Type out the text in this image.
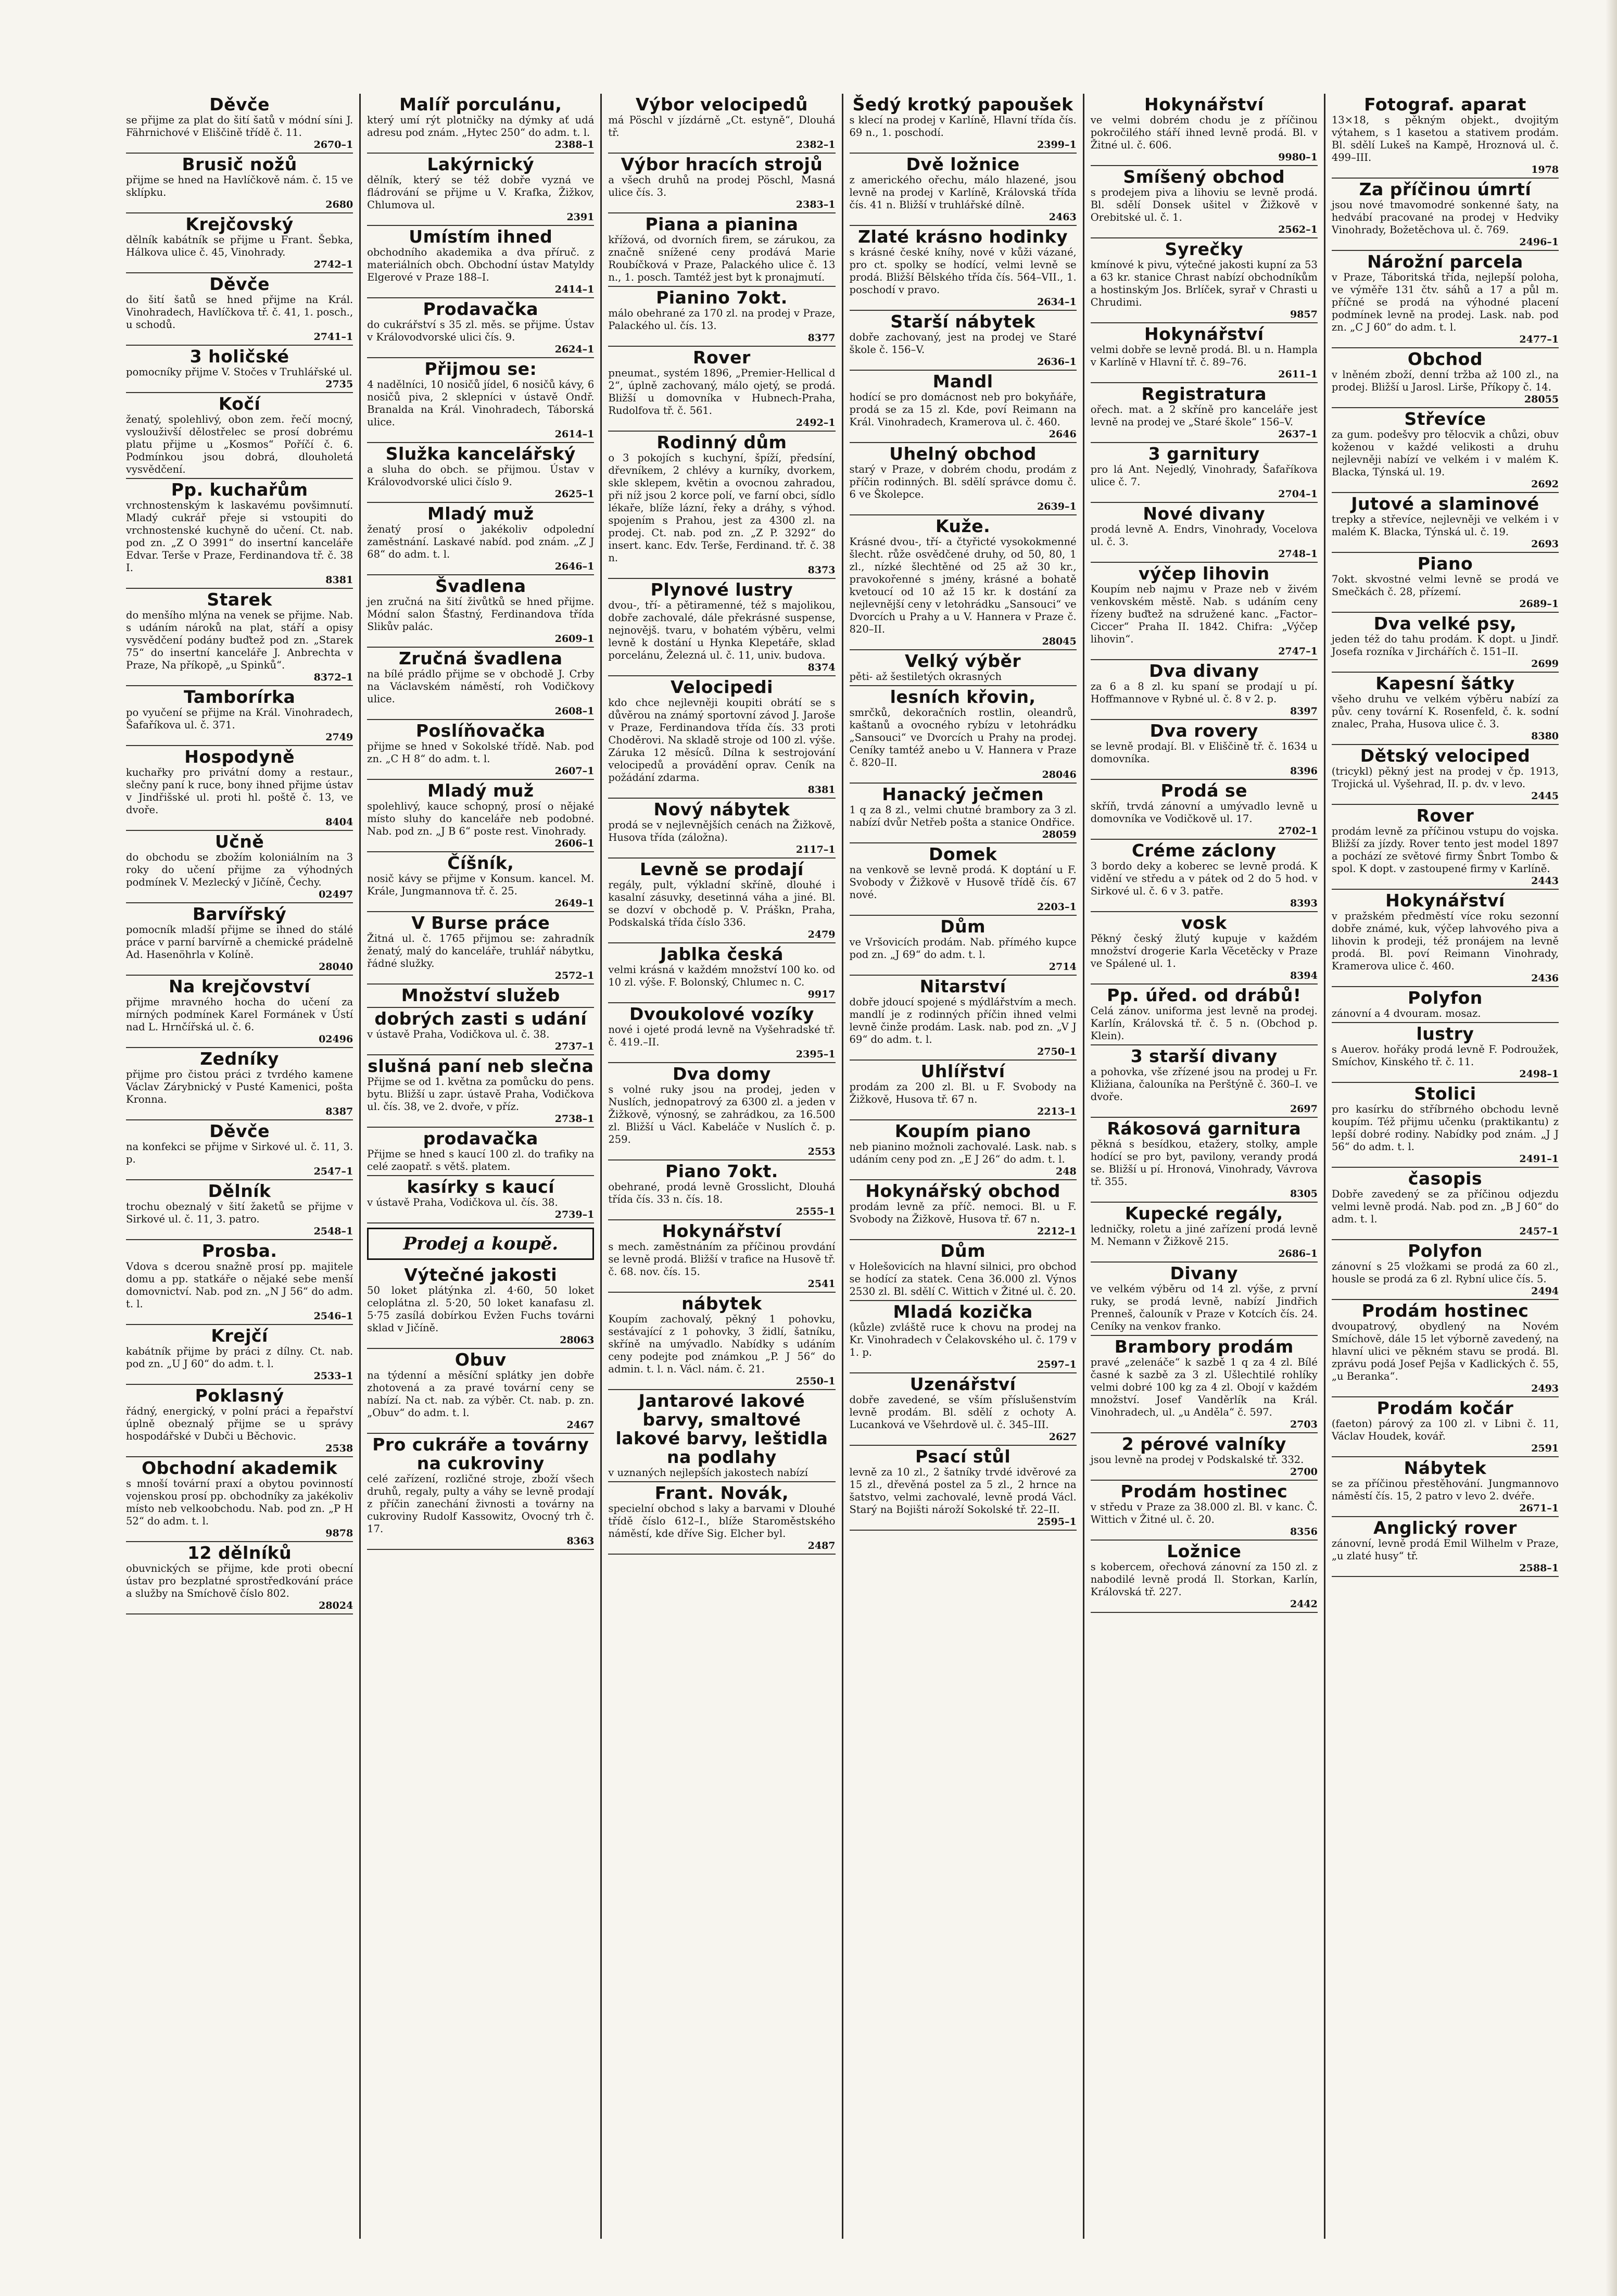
Děvče
se přijme za plat do šití šatů v módní síni J. Fährnichové v Eliščině třídě č. 11.
2670–1
Brusič nožů
přijme se hned na Havlíčkově nám. č. 15 ve sklípku.
2680
Krejčovský
dělník kabátník se přijme u Frant. Šebka, Hálkova ulice č. 45, Vinohrady.
2742–1
Děvče
do šití šatů se hned přijme na Král. Vinohradech, Havlíčkova tř. č. 41, 1. posch., u schodů.
2741–1
3 holičské
pomocníky přijme V. Stočes v Truhlářské ul.
2735
Kočí
ženatý, spolehlivý, obon zem. řečí mocný, vyslouživší dělostřelec se prosí dobrému platu přijme u „Kosmos“ Poříčí č. 6. Podmínkou jsou dobrá, dlouholetá vysvědčení.
Pp. kuchařům
vrchnostenským k laskavému povšimnutí. Mladý cukrář přeje si vstoupiti do vrchnostenské kuchyně do učení. Ct. nab. pod zn. „Z O 3991“ do insertní kanceláře Edvar. Terše v Praze, Ferdinandova tř. č. 38 I.
8381
Starek
do menšího mlýna na venek se přijme. Nab. s udáním nároků na plat, stáří a opisy vysvědčení podány buďtež pod zn. „Starek 75“ do insertní kanceláře J. Anbrechta v Praze, Na příkopě, „u Spinků“.
8372–1
Tamborírka
po vyučení se přijme na Král. Vinohradech, Šafaříkova ul. č. 371.
2749
Hospodyně
kuchařky pro privátní domy a restaur., slečny paní k ruce, bony ihned přijme ústav v Jindřišské ul. proti hl. poště č. 13, ve dvoře.
8404
Učně
do obchodu se zbožím koloniálním na 3 roky do učení přijme za výhodných podmínek V. Mezlecký v Jičíně, Čechy.
02497
Barvířský
pomocník mladší přijme se ihned do stálé práce v parní barvírně a chemické prádelně Ad. Hasenöhrla v Kolíně.
28040
Na krejčovství
přijme mravného hocha do učení za mírných podmínek Karel Formánek v Ústí nad L. Hrnčířská ul. č. 6.
02496
Zedníky
přijme pro čistou práci z tvrdého kamene Václav Zárybnický v Pusté Kamenici, pošta Kronna.
8387
Děvče
na konfekci se přijme v Sirkové ul. č. 11, 3. p.
2547–1
Dělník
trochu obeznalý v šití žaketů se přijme v Sirkové ul. č. 11, 3. patro.
2548–1
Prosba.
Vdova s dcerou snažně prosí pp. majitele domu a pp. statkáře o nějaké sebe menší domovnictví. Nab. pod zn. „N J 56“ do adm. t. l.
2546–1
Krejčí
kabátník přijme by práci z dílny. Ct. nab. pod zn. „U J 60“ do adm. t. l.
2533–1
Poklasný
řádný, energický, v polní práci a řepařství úplně obeznalý přijme se u správy hospodářské v Dubči u Běchovic.
2538
Obchodní akademik
s mnoší tovární praxí a obytou povinností vojenskou prosí pp. obchodníky za jakékoliv místo neb velkoobchodu. Nab. pod zn. „P H 52“ do adm. t. l.
9878
12 dělníků
obuvnických se přijme, kde proti obecní ústav pro bezplatné sprostředkování práce a služby na Smíchově číslo 802.
28024
Malíř porculánu,
který umí rýt plotničky na dýmky ať udá adresu pod znám. „Hytec 250“ do adm. t. l.
2388–1
Lakýrnický
dělník, který se též dobře vyzná ve fládrování se přijme u V. Krafka, Žižkov, Chlumova ul.
2391
Umístím ihned
obchodního akademika a dva příruč. z materiálních obch. Obchodní ústav Matyldy Elgerové v Praze 188–I.
2414–1
Prodavačka
do cukrářství s 35 zl. měs. se přijme. Ústav v Královodvorské ulici čís. 9.
2624–1
Přijmou se:
4 nadělníci, 10 nosičů jídel, 6 nosičů kávy, 6 nosičů piva, 2 sklepníci v ústavě Ondř. Branalda na Král. Vinohradech, Táborská ulice.
2614–1
Služka kancelářský
a sluha do obch. se přijmou. Ústav v Královodvorské ulici číslo 9.
2625–1
Mladý muž
ženatý prosí o jakékoliv odpolední zaměstnání. Laskavé nabíd. pod znám. „Z J 68“ do adm. t. l.
2646–1
Švadlena
jen zručná na šití živůtků se hned přijme. Módní salon Šťastný, Ferdinandova třída Slikův palác.
2609–1
Zručná švadlena
na bílé prádlo přijme se v obchodě J. Crby na Václavském náměstí, roh Vodičkovy ulice.
2608–1
Poslíňovačka
přijme se hned v Sokolské třídě. Nab. pod zn. „C H 8“ do adm. t. l.
2607–1
Mladý muž
spolehlivý, kauce schopný, prosí o nějaké místo sluhy do kanceláře neb podobné. Nab. pod zn. „J B 6“ poste rest. Vinohrady.
2606–1
Číšník,
nosič kávy se přijme v Konsum. kancel. M. Krále, Jungmannova tř. č. 25.
2649–1
V Burse práce
Žitná ul. č. 1765 přijmou se: zahradník ženatý, malý do kanceláře, truhlář nábytku, řádné služky.
2572–1
Množství služeb
dobrých zasti s udání
v ústavě Praha, Vodičkova ul. č. 38.
2737–1
slušná paní neb slečna
Přijme se od 1. května za pomůcku do pens. bytu. Bližší u zapr. ústavě Praha, Vodičkova ul. čís. 38, ve 2. dvoře, v příz.
2738–1
prodavačka
Přijme se hned s kaucí 100 zl. do trafiky na celé zaopatř. s větš. platem.
kasírky s kaucí
v ústavě Praha, Vodičkova ul. čís. 38.
2739–1
Prodej a koupě.
Výtečné jakosti
50 loket plátýnka zl. 4·60, 50 loket celoplátna zl. 5·20, 50 loket kanafasu zl. 5·75 zasílá dobírkou Evžen Fuchs továrni sklad v Jičíně.
28063
Obuv
na týdenní a měsíční splátky jen dobře zhotovená a za pravé tovární ceny se nabízí. Na ct. nab. za výběr. Ct. nab. p. zn. „Obuv“ do adm. t. l.
2467
Pro cukráře a továrny na cukroviny
celé zařízení, rozličné stroje, zboží všech druhů, regaly, pulty a váhy se levně prodají z příčin zanechání živnosti a továrny na cukroviny Rudolf Kassowitz, Ovocný trh č. 17.
8363
Výbor velocipedů
má Pöschl v jízdárně „Ct. estyně“, Dlouhá tř.
2382–1
Výbor hracích strojů
a všech druhů na prodej Pöschl, Masná ulice čís. 3.
2383–1
Piana a pianina
křížová, od dvorních firem, se zárukou, za značně snížené ceny prodává Marie Roubíčková v Praze, Palackého ulice č. 13 n., 1. posch. Tamtéž jest byt k pronajmutí.
Pianino 7okt.
málo obehrané za 170 zl. na prodej v Praze, Palackého ul. čís. 13.
8377
Rover
pneumat., systém 1896, „Premier-Hellical d 2“, úplně zachovaný, málo ojetý, se prodá. Bližší u domovníka v Hubnech-Praha, Rudolfova tř. č. 561.
2492–1
Rodinný dům
o 3 pokojích s kuchyní, špíží, předsíní, dřevníkem, 2 chlévy a kurníky, dvorkem, skle sklepem, květin a ovocnou zahradou, při níž jsou 2 korce polí, ve farní obci, sídlo lékaře, blíže lázní, řeky a dráhy, s výhod. spojením s Prahou, jest za 4300 zl. na prodej. Ct. nab. pod zn. „Z P. 3292“ do insert. kanc. Edv. Terše, Ferdinand. tř. č. 38 n.
8373
Plynové lustry
dvou-, tří- a pětiramenné, též s majolikou, dobře zachovalé, dále překrásné suspense, nejnovějš. tvaru, v bohatém výběru, velmi levně k dostání u Hynka Klepetáře, sklad porcelánu, Železná ul. č. 11, univ. budova.
8374
Velocipedi
kdo chce nejlevněji koupiti obrátí se s důvěrou na známý sportovní závod J. Jaroše v Praze, Ferdinandova třída čís. 33 proti Choděrovi. Na skladě stroje od 100 zl. výše. Záruka 12 měsíců. Dílna k sestrojování velocipedů a provádění oprav. Ceník na požádání zdarma.
8381
Nový nábytek
prodá se v nejlevnějších cenách na Žižkově, Husova třída (záložna).
2117–1
Levně se prodají
regály, pult, výkladní skříně, dlouhé i kasalní zásuvky, desetinná váha a jiné. Bl. se dozví v obchodě p. V. Práškn, Praha, Podskalská třída číslo 336.
2479
Jablka česká
velmi krásná v každém množství 100 ko. od 10 zl. výše. F. Bolonský, Chlumec n. C.
9917
Dvoukolové vozíky
nové i ojeté prodá levně na Vyšehradské tř. č. 419.–II.
2395–1
Dva domy
s volné ruky jsou na prodej, jeden v Nuslích, jednopatrový za 6300 zl. a jeden v Žižkově, výnosný, se zahrádkou, za 16.500 zl. Bližší u Václ. Kabeláče v Nuslích č. p. 259.
2553
Piano 7okt.
obehrané, prodá levně Grosslicht, Dlouhá třída čís. 33 n. čís. 18.
2555–1
Hokynářství
s mech. zaměstnáním za příčinou provdání se levně prodá. Bližší v trafice na Husově tř. č. 68. nov. čís. 15.
2541
nábytek
Koupím zachovalý, pěkný 1 pohovku, sestávající z 1 pohovky, 3 židlí, šatníku, skříně na umývadlo. Nabídky s udáním ceny podejte pod známkou „P. J 56“ do admin. t. l. n. Václ. nám. č. 21.
2550–1
Jantarové lakové barvy, smaltové lakové barvy, leštidla na podlahy
v uznaných nejlepších jakostech nabízí
Frant. Novák,
specielní obchod s laky a barvami v Dlouhé třídě číslo 612–I., blíže Staroměstského náměstí, kde dříve Sig. Elcher byl.
2487
Šedý krotký papoušek
s klecí na prodej v Karlíně, Hlavní třída čís. 69 n., 1. poschodí.
2399–1
Dvě ložnice
z amerického ořechu, málo hlazené, jsou levně na prodej v Karlíně, Královská třída čís. 41 n. Bližší v truhlářské dílně.
2463
Zlaté krásno hodinky
s krásné české kníhy, nové v kůži vázané, pro ct. spolky se hodící, velmi levně se prodá. Bližší Bělského třída čís. 564–VII., 1. poschodí v pravo.
2634–1
Starší nábytek
dobře zachovaný, jest na prodej ve Staré škole č. 156–V.
2636–1
Mandl
hodící se pro domácnost neb pro bokyňáře, prodá se za 15 zl. Kde, poví Reimann na Král. Vinohradech, Kramerova ul. č. 460.
2646
Uhelný obchod
starý v Praze, v dobrém chodu, prodám z příčin rodinných. Bl. sdělí správce domu č. 6 ve Školepce.
2639–1
Kuže.
Krásné dvou-, tří- a čtyřicté vysokokmenné šlecht. růže osvědčené druhy, od 50, 80, 1 zl., nízké šlechtěné od 25 až 30 kr., pravokořenné s jmény, krásné a bohatě kvetoucí od 10 až 15 kr. k dostání za nejlevnější ceny v letohrádku „Sansouci“ ve Dvorcích u Prahy a u V. Hannera v Praze č. 820–II.
28045
Velký výběr
pěti- až šestiletých okrasných
lesních křovin,
smrčků, dekoračních rostlin, oleandrů, kaštanů a ovocného rybízu v letohrádku „Sansouci“ ve Dvorcích u Prahy na prodej. Ceníky tamtéž anebo u V. Hannera v Praze č. 820–II.
28046
Hanacký ječmen
1 q za 8 zl., velmi chutné brambory za 3 zl. nabízí dvůr Netřeb pošta a stanice Ondřice.
28059
Domek
na venkově se levně prodá. K doptání u F. Svobody v Žižkově v Husově třídě čís. 67 nové.
2203–1
Dům
ve Vršovicích prodám. Nab. přímého kupce pod zn. „J 69“ do adm. t. l.
2714
Nitarství
dobře jdoucí spojené s mýdlářstvím a mech. mandlí je z rodinných příčin ihned velmi levně činže prodám. Lask. nab. pod zn. „V J 69“ do adm. t. l.
2750–1
Uhlířství
prodám za 200 zl. Bl. u F. Svobody na Žižkově, Husova tř. 67 n.
2213–1
Koupím piano
neb pianino možnoli zachovalé. Lask. nab. s udáním ceny pod zn. „E J 26“ do adm. t. l.
248
Hokynářský obchod
prodám levně za příč. nemoci. Bl. u F. Svobody na Žižkově, Husova tř. 67 n.
2212–1
Dům
v Holešovicích na hlavní silnici, pro obchod se hodící za statek. Cena 36.000 zl. Výnos 2530 zl. Bl. sdělí C. Wittich v Žitné ul. č. 20.
Mladá kozička
(kůzle) zvláště ruce k chovu na prodej na Kr. Vinohradech v Čelakovského ul. č. 179 v 1. p.
2597–1
Uzenářství
dobře zavedené, se vším příslušenstvím levně prodám. Bl. sdělí z ochoty A. Lucanková ve Všehrdově ul. č. 345–III.
2627
Psací stůl
levně za 10 zl., 2 šatníky trvdé idvěrové za 15 zl., dřevěná postel za 5 zl., 2 hrnce na šatstvo, velmi zachovalé, levně prodá Václ. Starý na Bojišti nároží Sokolské tř. 22–II.
2595–1
Hokynářství
ve velmi dobrém chodu je z příčinou pokročilého stáří ihned levně prodá. Bl. v Žitné ul. č. 606.
9980–1
Smíšený obchod
s prodejem piva a lihoviu se levně prodá. Bl. sdělí Donsek ušitel v Žižkově v Orebitské ul. č. 1.
2562–1
Syrečky
kmínové k pivu, výtečné jakosti kupní za 53 a 63 kr. stanice Chrast nabízí obchodníkům a hostinským Jos. Brlíček, syrař v Chrasti u Chrudimi.
9857
Hokynářství
velmi dobře se levně prodá. Bl. u n. Hampla v Karlíně v Hlavní tř. č. 89–76.
2611–1
Registratura
ořech. mat. a 2 skříně pro kanceláře jest levně na prodej ve „Staré škole“ 156–V.
2637–1
3 garnitury
pro lá Ant. Nejedlý, Vinohrady, Šafaříkova ulice č. 7.
2704–1
Nové divany
prodá levně A. Endrs, Vinohrady, Vocelova ul. č. 3.
2748–1
výčep lihovin
Koupím neb najmu v Praze neb v živém venkovském městě. Nab. s udáním ceny řízeny buďtež na sdružené kanc. „Factor–Ciccer“ Praha II. 1842. Chifra: „Výčep lihovin“.
2747–1
Dva divany
za 6 a 8 zl. ku spaní se prodají u pí. Hoffmannove v Rybné ul. č. 8 v 2. p.
8397
Dva rovery
se levně prodají. Bl. v Eliščině tř. č. 1634 u domovníka.
8396
Prodá se
skříň, trvdá zánovní a umývadlo levně u domovníka ve Vodičkově ul. 17.
2702–1
Créme záclony
3 bordo deky a koberec se levně prodá. K vidění ve středu a v pátek od 2 do 5 hod. v Sirkové ul. č. 6 v 3. patře.
8393
vosk
Pěkný český žlutý kupuje v každém množství drogerie Karla Věcetěcky v Praze ve Spálené ul. 1.
8394
Pp. úřed. od drábů!
Celá zánov. uniforma jest levně na prodej. Karlín, Královská tř. č. 5 n. (Obchod p. Klein).
3 starší divany
a pohovka, vše zřízené jsou na prodej u Fr. Kližiana, čalouníka na Perštýně č. 360–I. ve dvoře.
2697
Rákosová garnitura
pěkná s besídkou, etažery, stolky, ample hodící se pro byt, pavilony, verandy prodá se. Bližší u pí. Hronová, Vinohrady, Vávrova tř. 355.
8305
Kupecké regály,
ledničky, roletu a jiné zařízení prodá levně M. Nemann v Žižkově 215.
2686–1
Divany
ve velkém výběru od 14 zl. výše, z první ruky, se prodá levně, nabízí Jindřich Prenneš, čalouník v Praze v Kotcích čís. 24. Ceníky na venkov franko.
Brambory prodám
pravé „zelenáče“ k sazbě 1 q za 4 zl. Bílé časné k sazbě za 3 zl. Ušlechtilé rohlíky velmi dobré 100 kg za 4 zl. Obojí v každém množství. Josef Vanděrlík na Král. Vinohradech, ul. „u Anděla“ č. 597.
2703
2 pérové valníky
jsou levně na prodej v Podskalské tř. 332.
2700
Prodám hostinec
v středu v Praze za 38.000 zl. Bl. v kanc. Č. Wittich v Žitné ul. č. 20.
8356
Ložnice
s kobercem, ořechová zánovní za 150 zl. z nabodilé levně prodá Il. Storkan, Karlín, Královská tř. 227.
2442
Fotograf. aparat
13×18, s pěkným objekt., dvojitým výtahem, s 1 kasetou a stativem prodám. Bl. sdělí Lukeš na Kampě, Hroznová ul. č. 499–III.
1978
Za příčinou úmrtí
jsou nové tmavomodré sonkenné šaty, na hedvábí pracované na prodej v Hedviky Vinohrady, Božetěchova ul. č. 769.
2496–1
Nárožní parcela
v Praze, Táboritská třída, nejlepší poloha, ve výměře 131 čtv. sáhů a 17 a půl m. příčné se prodá na výhodné placení podmínek levně na prodej. Lask. nab. pod zn. „C J 60“ do adm. t. l.
2477–1
Obchod
v lněném zboží, denní tržba až 100 zl., na prodej. Bližší u Jarosl. Lirše, Příkopy č. 14.
28055
Střevíce
za gum. podešvy pro tělocvik a chůzi, obuv koženou v každé velikosti a druhu nejlevněji nabízí ve velkém i v malém K. Blacka, Týnská ul. 19.
2692
Jutové a slaminové
trepky a střevíce, nejlevněji ve velkém i v malém K. Blacka, Týnská ul. č. 19.
2693
Piano
7okt. skvostné velmi levně se prodá ve Smečkách č. 28, přízemí.
2689–1
Dva velké psy,
jeden též do tahu prodám. K dopt. u Jindř. Josefa rozníka v Jirchářích č. 151–II.
2699
Kapesní šátky
všeho druhu ve velkém výběru nabízí za pův. ceny tovární K. Rosenfeld, č. k. sodní znalec, Praha, Husova ulice č. 3.
8380
Dětský velociped
(tricykl) pěkný jest na prodej v čp. 1913, Trojická ul. Vyšehrad, II. p. dv. v levo.
2445
Rover
prodám levně za příčinou vstupu do vojska. Bližší za jízdy. Rover tento jest model 1897 a pochází ze světové firmy Šnbrt Tombo & spol. K dopt. v zastoupené firmy v Karlíně.
2443
Hokynářství
v pražském předměstí více roku sezonní dobře známé, kuk, výčep lahvového piva a lihovin k prodeji, též pronájem na levně prodá. Bl. poví Reimann Vinohrady, Kramerova ulice č. 460.
2436
Polyfon
zánovní a 4 dvouram. mosaz.
lustry
s Auerov. hořáky prodá levně F. Podroužek, Smíchov, Kinského tř. č. 11.
2498–1
Stolici
pro kasírku do stříbrného obchodu levně koupím. Též přijmu učenku (praktikantu) z lepší dobré rodiny. Nabídky pod znám. „J J 56“ do adm. t. l.
2491–1
časopis
Dobře zavedený se za příčinou odjezdu velmi levně prodá. Nab. pod zn. „B J 60“ do adm. t. l.
2457–1
Polyfon
zánovní s 25 vložkami se prodá za 60 zl., housle se prodá za 6 zl. Rybní ulice čís. 5.
2494
Prodám hostinec
dvoupatrový, obydlený na Novém Smíchově, dále 15 let výborně zavedený, na hlavní ulici ve pěkném stavu se prodá. Bl. zprávu podá Josef Pejša v Kadlických č. 55, „u Beranka“.
2493
Prodám kočár
(faeton) párový za 100 zl. v Libni č. 11, Václav Houdek, kovář.
2591
Nábytek
se za příčinou přestěhování. Jungmannovo náměstí čís. 15, 2 patro v levo 2. dvéře.
2671–1
Anglický rover
zánovní, levně prodá Emil Wilhelm v Praze, „u zlaté husy“ tř.
2588–1
